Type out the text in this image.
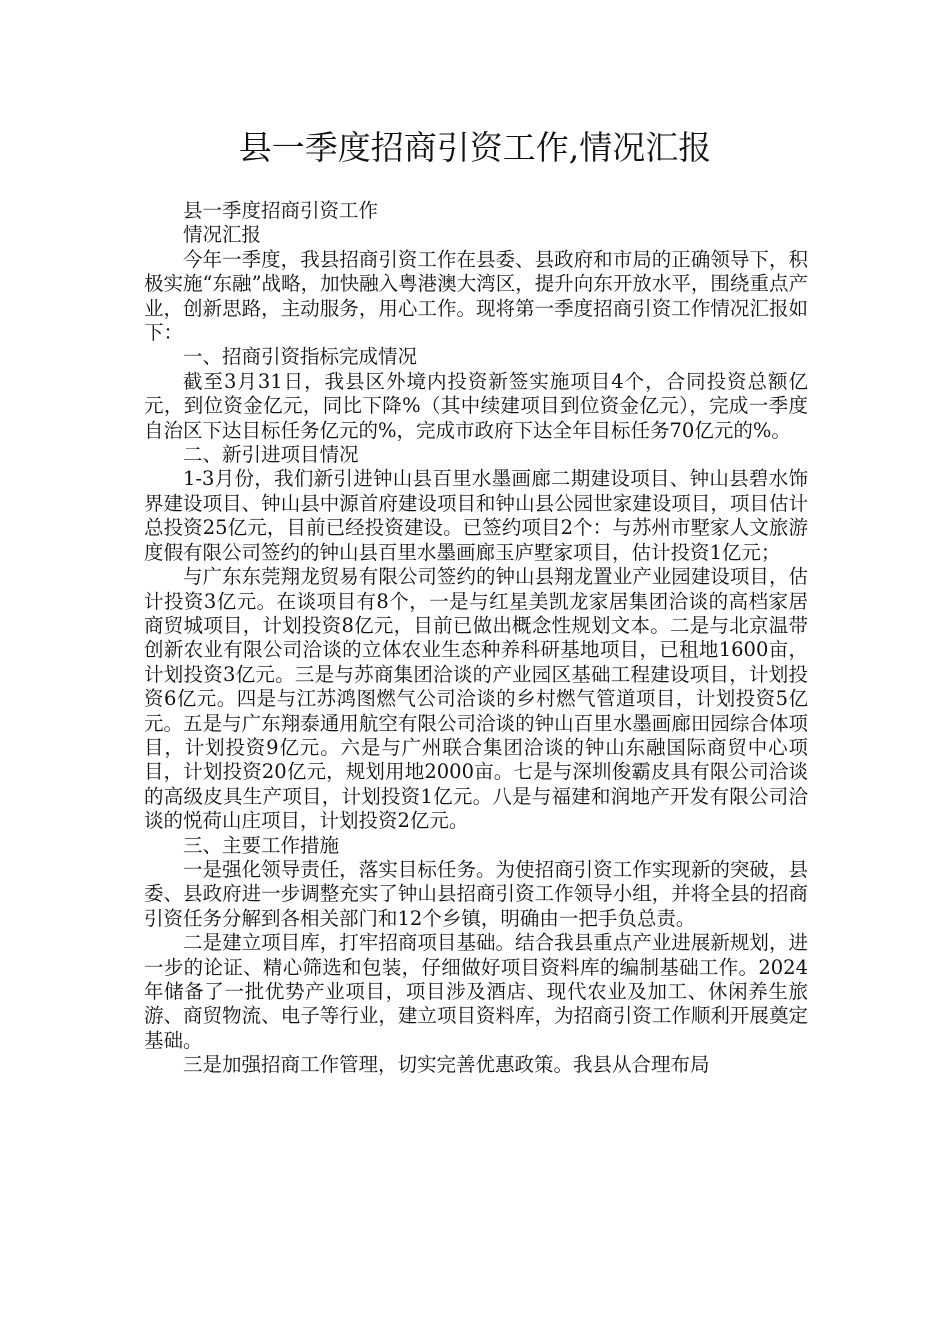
县一季度招商引资工作,情况汇报

县一季度招商引资工作

情况汇报

今年一季度，我县招商引资工作在县委、县政府和市局的正确领导下，积极实施“东融”战略，加快融入粤港澳大湾区，提升向东开放水平，围绕重点产业，创新思路，主动服务，用心工作。现将第一季度招商引资工作情况汇报如下：

一、招商引资指标完成情况

截至3月31日，我县区外境内投资新签实施项目4个，合同投资总额亿元，到位资金亿元，同比下降%（其中续建项目到位资金亿元），完成一季度自治区下达目标任务亿元的%，完成市政府下达全年目标任务70亿元的%。

二、新引进项目情况

1-3月份，我们新引进钟山县百里水墨画廊二期建设项目、钟山县碧水饰界建设项目、钟山县中源首府建设项目和钟山县公园世家建设项目，项目估计总投资25亿元，目前已经投资建设。已签约项目2个：与苏州市墅家人文旅游度假有限公司签约的钟山县百里水墨画廊玉庐墅家项目，估计投资1亿元；

与广东东莞翔龙贸易有限公司签约的钟山县翔龙置业产业园建设项目，估计投资3亿元。在谈项目有8个，一是与红星美凯龙家居集团洽谈的高档家居商贸城项目，计划投资8亿元，目前已做出概念性规划文本。二是与北京温带创新农业有限公司洽谈的立体农业生态种养科研基地项目，已租地1600亩，计划投资3亿元。三是与苏商集团洽谈的产业园区基础工程建设项目，计划投资6亿元。四是与江苏鸿图燃气公司洽谈的乡村燃气管道项目，计划投资5亿元。五是与广东翔泰通用航空有限公司洽谈的钟山百里水墨画廊田园综合体项目，计划投资9亿元。六是与广州联合集团洽谈的钟山东融国际商贸中心项目，计划投资20亿元，规划用地2000亩。七是与深圳俊霸皮具有限公司洽谈的高级皮具生产项目，计划投资1亿元。八是与福建和润地产开发有限公司洽谈的悦荷山庄项目，计划投资2亿元。

三、主要工作措施

一是强化领导责任，落实目标任务。为使招商引资工作实现新的突破，县委、县政府进一步调整充实了钟山县招商引资工作领导小组，并将全县的招商引资任务分解到各相关部门和12个乡镇，明确由一把手负总责。

二是建立项目库，打牢招商项目基础。结合我县重点产业进展新规划，进一步的论证、精心筛选和包装，仔细做好项目资料库的编制基础工作。2024年储备了一批优势产业项目，项目涉及酒店、现代农业及加工、休闲养生旅游、商贸物流、电子等行业，建立项目资料库，为招商引资工作顺利开展奠定基础。

三是加强招商工作管理，切实完善优惠政策。我县从合理布局
